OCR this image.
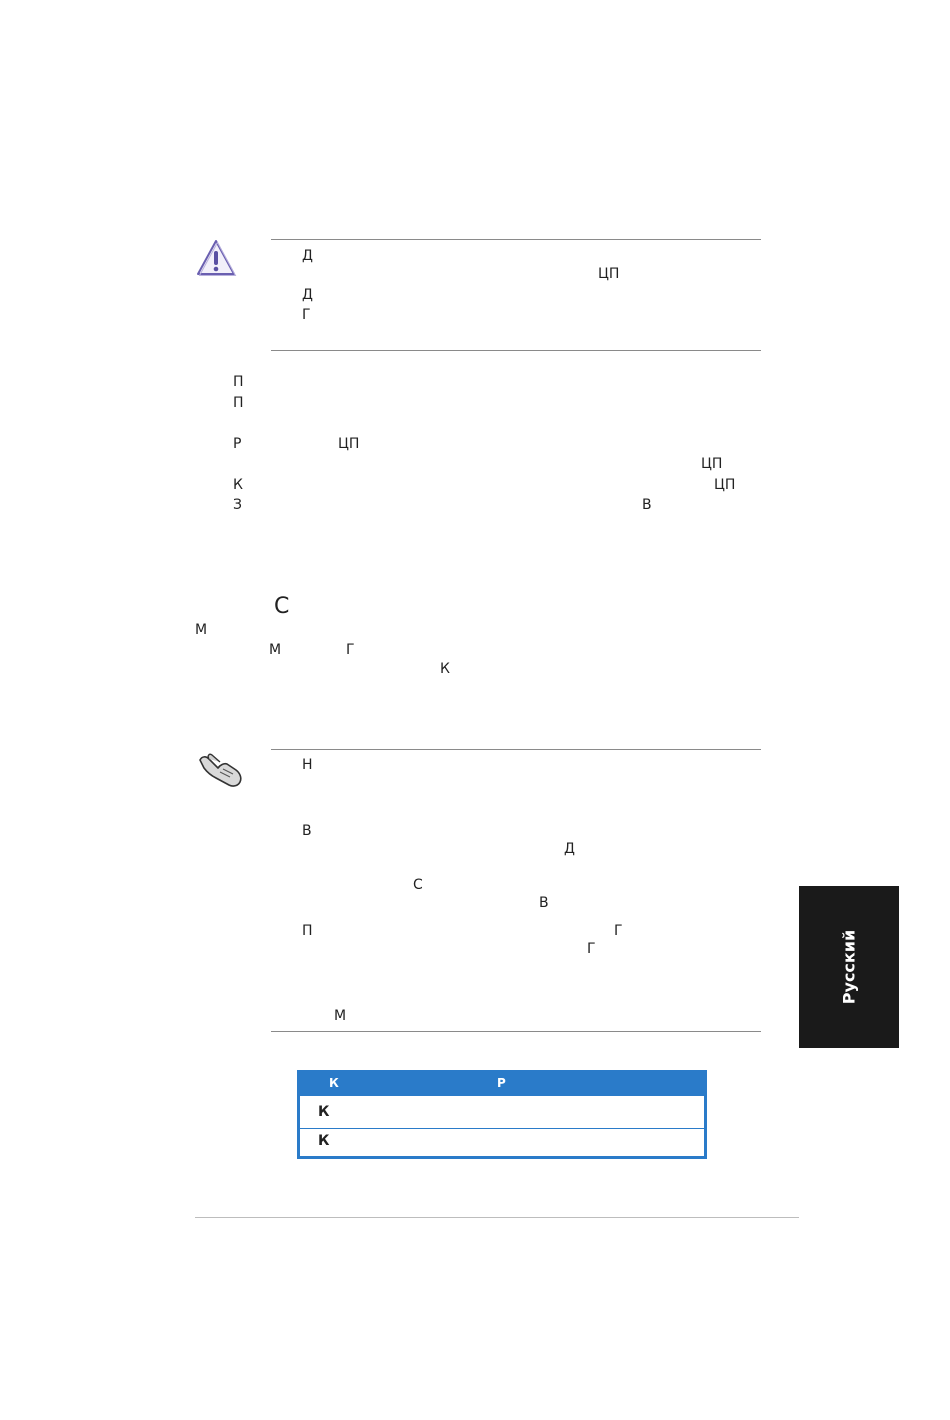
Д
ЦП
Д
Г
П
П
Р	ЦП
ЦП
К	ЦП
З	В
С
М
М	Г
К
Н
В
Д
С
В
П	Г
Г
М
К	Р
К
К
Русский
